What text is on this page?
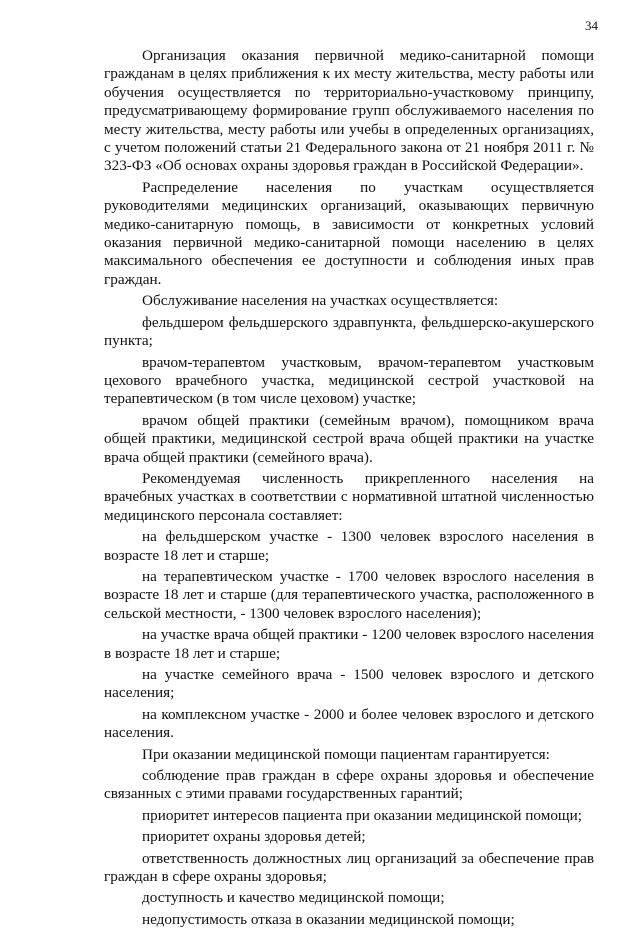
34

Организация оказания первичной медико-санитарной помощи гражданам в целях приближения к их месту жительства, месту работы или обучения осуществляется по территориально-участковому принципу, предусматривающему формирование групп обслуживаемого населения по месту жительства, месту работы или учебы в определенных организациях, с учетом положений статьи 21 Федерального закона от 21 ноября 2011 г. № 323-ФЗ «Об основах охраны здоровья граждан в Российской Федерации».

Распределение населения по участкам осуществляется руководителями медицинских организаций, оказывающих первичную медико-санитарную помощь, в зависимости от конкретных условий оказания первичной медико-санитарной помощи населению в целях максимального обеспечения ее доступности и соблюдения иных прав граждан.

Обслуживание населения на участках осуществляется:

фельдшером фельдшерского здравпункта, фельдшерско-акушерского пункта;

врачом-терапевтом участковым, врачом-терапевтом участковым цехового врачебного участка, медицинской сестрой участковой на терапевтическом (в том числе цеховом) участке;

врачом общей практики (семейным врачом), помощником врача общей практики, медицинской сестрой врача общей практики на участке врача общей практики (семейного врача).

Рекомендуемая численность прикрепленного населения на врачебных участках в соответствии с нормативной штатной численностью медицинского персонала составляет:

на фельдшерском участке - 1300 человек взрослого населения в возрасте 18 лет и старше;

на терапевтическом участке - 1700 человек взрослого населения в возрасте 18 лет и старше (для терапевтического участка, расположенного в сельской местности, - 1300 человек взрослого населения);

на участке врача общей практики - 1200 человек взрослого населения в возрасте 18 лет и старше;

на участке семейного врача - 1500 человек взрослого и детского населения;

на комплексном участке - 2000 и более человек взрослого и детского населения.

При оказании медицинской помощи пациентам гарантируется:

соблюдение прав граждан в сфере охраны здоровья и обеспечение связанных с этими правами государственных гарантий;

приоритет интересов пациента при оказании медицинской помощи;

приоритет охраны здоровья детей;

ответственность должностных лиц организаций за обеспечение прав граждан в сфере охраны здоровья;

доступность и качество медицинской помощи;

недопустимость отказа в оказании медицинской помощи;
